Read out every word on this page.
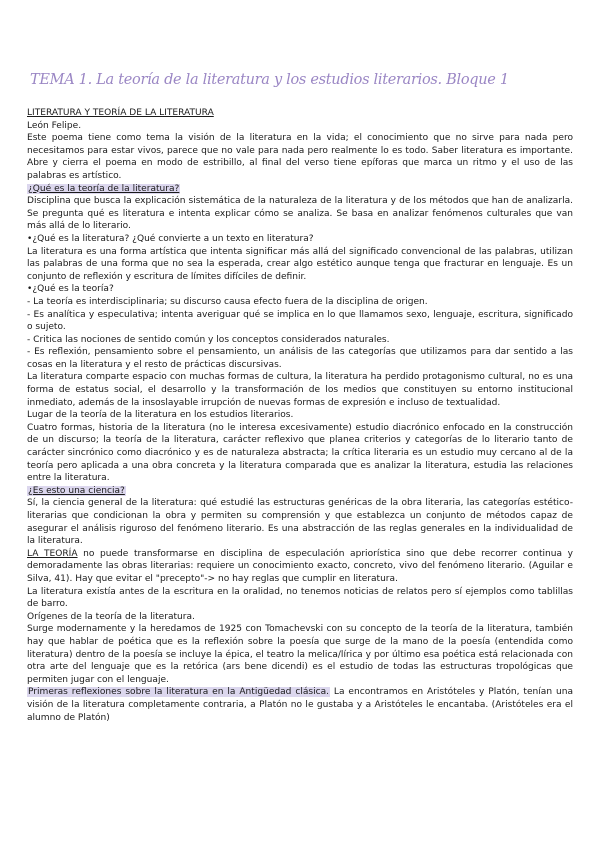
TEMA 1. La teoría de la literatura y los estudios literarios. Bloque 1

LITERATURA Y TEORÍA DE LA LITERATURA

León Felipe.

Este poema tiene como tema la visión de la literatura en la vida; el conocimiento que no sirve para nada pero necesitamos para estar vivos, parece que no vale para nada pero realmente lo es todo. Saber literatura es importante. Abre y cierra el poema en modo de estribillo, al final del verso tiene epíforas que marca un ritmo y el uso de las palabras es artístico.

¿Qué es la teoría de la literatura?

Disciplina que busca la explicación sistemática de la naturaleza de la literatura y de los métodos que han de analizarla. Se pregunta qué es literatura e intenta explicar cómo se analiza. Se basa en analizar fenómenos culturales que van más allá de lo literario.

•¿Qué es la literatura? ¿Qué convierte a un texto en literatura?

La literatura es una forma artística que intenta significar más allá del significado convencional de las palabras, utilizan las palabras de una forma que no sea la esperada, crear algo estético aunque tenga que fracturar en lenguaje. Es un conjunto de reflexión y escritura de límites difíciles de definir.

•¿Qué es la teoría?

- La teoría es interdisciplinaria; su discurso causa efecto fuera de la disciplina de origen.

- Es analítica y especulativa; intenta averiguar qué se implica en lo que llamamos sexo, lenguaje, escritura, significado o sujeto.

- Critica las nociones de sentido común y los conceptos considerados naturales.

- Es reflexión, pensamiento sobre el pensamiento, un análisis de las categorías que utilizamos para dar sentido a las cosas en la literatura y el resto de prácticas discursivas.

La literatura comparte espacio con muchas formas de cultura, la literatura ha perdido protagonismo cultural, no es una forma de estatus social, el desarrollo y la transformación de los medios que constituyen su entorno institucional inmediato, además de la insoslayable irrupción de nuevas formas de expresión e incluso de textualidad.

Lugar de la teoría de la literatura en los estudios literarios.

Cuatro formas, historia de la literatura (no le interesa excesivamente) estudio diacrónico enfocado en la construcción de un discurso; la teoría de la literatura, carácter reflexivo que planea criterios y categorías de lo literario tanto de carácter sincrónico como diacrónico y es de naturaleza abstracta; la crítica literaria es un estudio muy cercano al de la teoría pero aplicada a una obra concreta y la literatura comparada que es analizar la literatura, estudia las relaciones entre la literatura.

¿Es esto una ciencia?

Sí, la ciencia general de la literatura: qué estudié las estructuras genéricas de la obra literaria, las categorías estético-literarias que condicionan la obra y permiten su comprensión y que establezca un conjunto de métodos capaz de asegurar el análisis riguroso del fenómeno literario. Es una abstracción de las reglas generales en la individualidad de la literatura.

LA TEORÍA no puede transformarse en disciplina de especulación apriorística sino que debe recorrer continua y demoradamente las obras literarias: requiere un conocimiento exacto, concreto, vivo del fenómeno literario. (Aguilar e Silva, 41). Hay que evitar el "precepto"-> no hay reglas que cumplir en literatura.

La literatura existía antes de la escritura en la oralidad, no tenemos noticias de relatos pero sí ejemplos como tablillas de barro.

Orígenes de la teoría de la literatura.

Surge modernamente y la heredamos de 1925 con Tomachevski con su concepto de la teoría de la literatura, también hay que hablar de poética que es la reflexión sobre la poesía que surge de la mano de la poesía (entendida como literatura) dentro de la poesía se incluye la épica, el teatro la melica/lírica y por último esa poética está relacionada con otra arte del lenguaje que es la retórica (ars bene dicendi) es el estudio de todas las estructuras tropológicas que permiten jugar con el lenguaje.

Primeras reflexiones sobre la literatura en la Antigüedad clásica. La encontramos en Aristóteles y Platón, tenían una visión de la literatura completamente contraria, a Platón no le gustaba y a Aristóteles le encantaba. (Aristóteles era el alumno de Platón)
